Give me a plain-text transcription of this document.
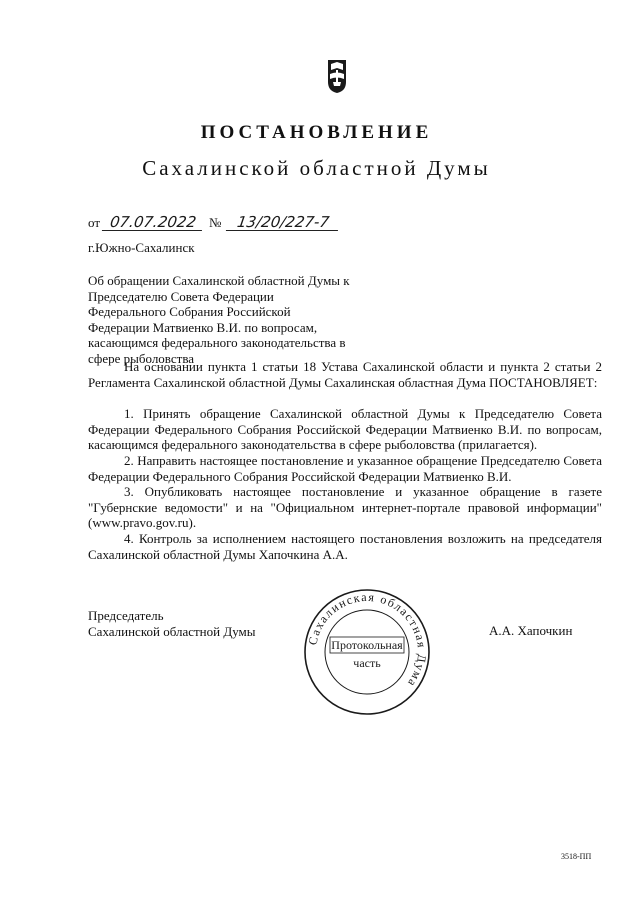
ПОСТАНОВЛЕНИЕ
Сахалинской областной Думы
от 07.07.2022 № 13/20/227-7
г.Южно-Сахалинск
Об обращении Сахалинской областной Думы к Председателю Совета Федерации Федерального Собрания Российской Федерации Матвиенко В.И. по вопросам, касающимся федерального законодательства в сфере рыболовства

На основании пункта 1 статьи 18 Устава Сахалинской области и пункта 2 статьи 2 Регламента Сахалинской областной Думы Сахалинская областная Дума ПОСТАНОВЛЯЕТ:

1. Принять обращение Сахалинской областной Думы к Председателю Совета Федерации Федерального Собрания Российской Федерации Матвиенко В.И. по вопросам, касающимся федерального законодательства в сфере рыболовства (прилагается).

2. Направить настоящее постановление и указанное обращение Председателю Совета Федерации Федерального Собрания Российской Федерации Матвиенко В.И.

3. Опубликовать настоящее постановление и указанное обращение в газете "Губернские ведомости" и на "Официальном интернет-портале правовой информации" (www.pravo.gov.ru).

4. Контроль за исполнением настоящего постановления возложить на председателя Сахалинской областной Думы Хапочкина А.А.

Председатель
Сахалинской областной Думы	А.А. Хапочкин
Сахалинская областная Дума
Протокольная
часть
3518-ПП
